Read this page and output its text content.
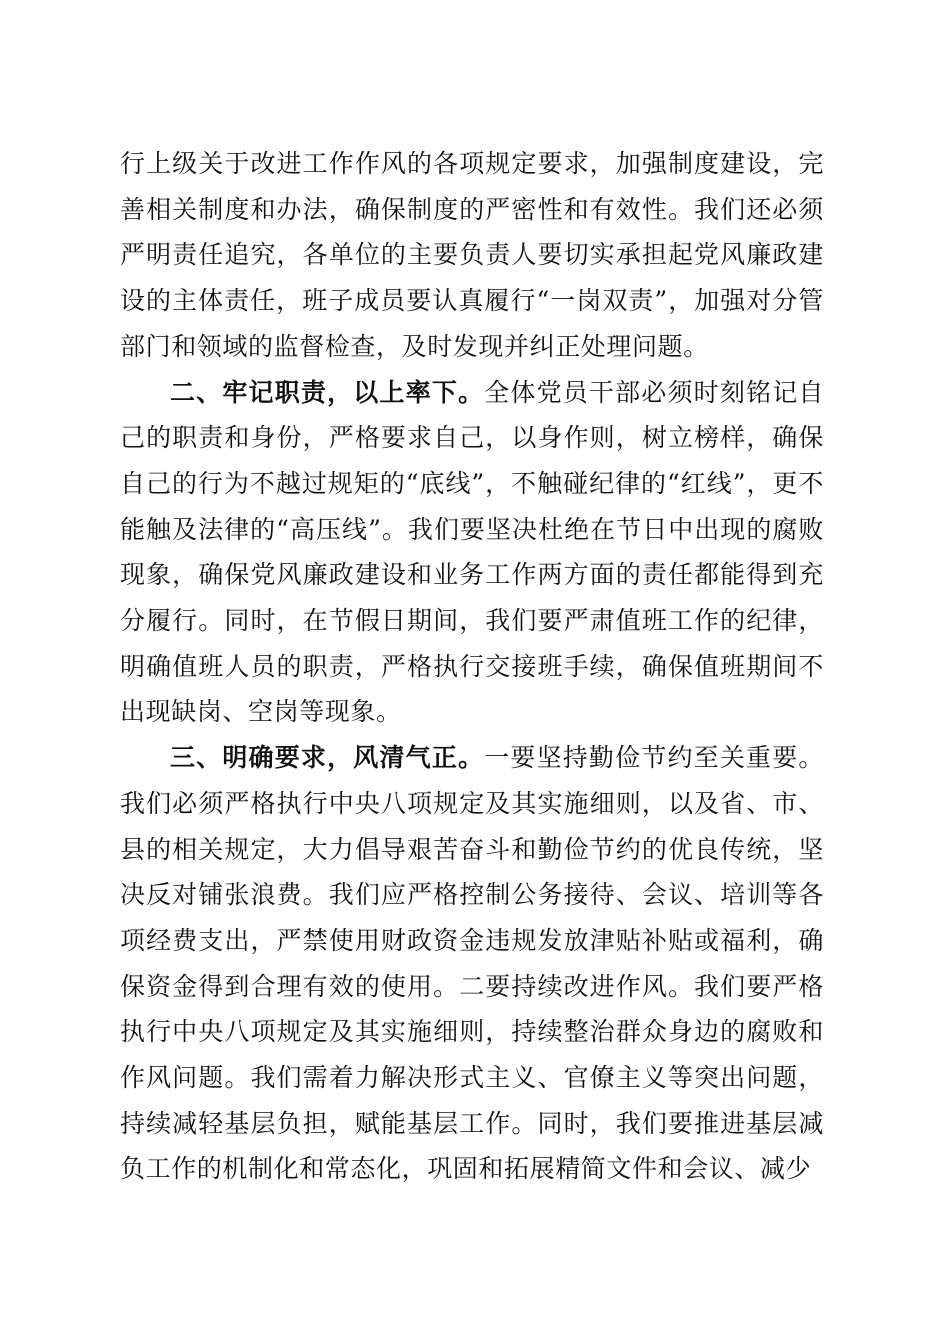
行上级关于改进工作作风的各项规定要求，加强制度建设，完善相关制度和办法，确保制度的严密性和有效性。我们还必须严明责任追究，各单位的主要负责人要切实承担起党风廉政建设的主体责任，班子成员要认真履行“一岗双责”，加强对分管部门和领域的监督检查，及时发现并纠正处理问题。

二、牢记职责，以上率下。全体党员干部必须时刻铭记自己的职责和身份，严格要求自己，以身作则，树立榜样，确保自己的行为不越过规矩的“底线”，不触碰纪律的“红线”，更不能触及法律的“高压线”。我们要坚决杜绝在节日中出现的腐败现象，确保党风廉政建设和业务工作两方面的责任都能得到充分履行。同时，在节假日期间，我们要严肃值班工作的纪律，明确值班人员的职责，严格执行交接班手续，确保值班期间不出现缺岗、空岗等现象。

三、明确要求，风清气正。一要坚持勤俭节约至关重要。我们必须严格执行中央八项规定及其实施细则，以及省、市、县的相关规定，大力倡导艰苦奋斗和勤俭节约的优良传统，坚决反对铺张浪费。我们应严格控制公务接待、会议、培训等各项经费支出，严禁使用财政资金违规发放津贴补贴或福利，确保资金得到合理有效的使用。二要持续改进作风。我们要严格执行中央八项规定及其实施细则，持续整治群众身边的腐败和作风问题。我们需着力解决形式主义、官僚主义等突出问题，持续减轻基层负担，赋能基层工作。同时，我们要推进基层减负工作的机制化和常态化，巩固和拓展精简文件和会议、减少
